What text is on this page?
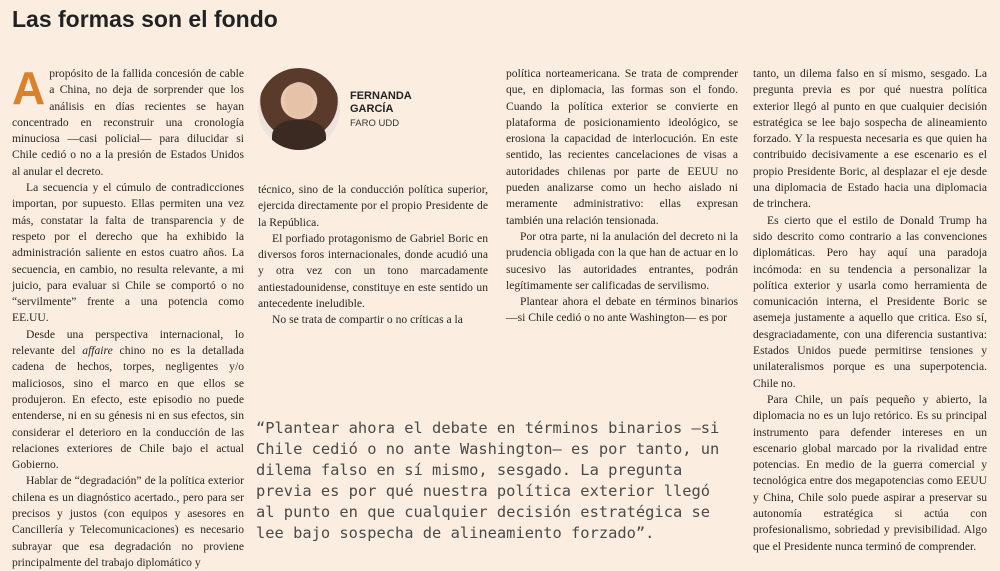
Las formas son el fondo
A propósito de la fallida concesión de cable a China, no deja de sorprender que los análisis en días recientes se hayan concentrado en reconstruir una cronología minuciosa —casi policial— para dilucidar si Chile cedió o no a la presión de Estados Unidos al anular el decreto.

La secuencia y el cúmulo de contradicciones importan, por supuesto. Ellas permiten una vez más, constatar la falta de transparencia y de respeto por el derecho que ha exhibido la administración saliente en estos cuatro años. La secuencia, en cambio, no resulta relevante, a mi juicio, para evaluar si Chile se comportó o no “servilmente” frente a una potencia como EE.UU.

Desde una perspectiva internacional, lo relevante del affaire chino no es la detallada cadena de hechos, torpes, negligentes y/o maliciosos, sino el marco en que ellos se produjeron. En efecto, este episodio no puede entenderse, ni en su génesis ni en sus efectos, sin considerar el deterioro en la conducción de las relaciones exteriores de Chile bajo el actual Gobierno.

Hablar de “degradación” de la política exterior chilena es un diagnóstico acertado., pero para ser precisos y justos (con equipos y asesores en Cancillería y Telecomunicaciones) es necesario subrayar que esa degradación no proviene principalmente del trabajo diplomático y

FERNANDA
GARCÍA
FARO UDD

técnico, sino de la conducción política superior, ejercida directamente por el propio Presidente de la República.

El porfiado protagonismo de Gabriel Boric en diversos foros internacionales, donde acudió una y otra vez con un tono marcadamente antiestadounidense, constituye en este sentido un antecedente ineludible.

No se trata de compartir o no críticas a la

política norteamericana. Se trata de comprender que, en diplomacia, las formas son el fondo. Cuando la política exterior se convierte en plataforma de posicionamiento ideológico, se erosiona la capacidad de interlocución. En este sentido, las recientes cancelaciones de visas a autoridades chilenas por parte de EEUU no pueden analizarse como un hecho aislado ni meramente administrativo: ellas expresan también una relación tensionada.

Por otra parte, ni la anulación del decreto ni la prudencia obligada con la que han de actuar en lo sucesivo las autoridades entrantes, podrán legítimamente ser calificadas de servilismo.

Plantear ahora el debate en términos binarios —si Chile cedió o no ante Washington— es por

tanto, un dilema falso en sí mismo, sesgado. La pregunta previa es por qué nuestra política exterior llegó al punto en que cualquier decisión estratégica se lee bajo sospecha de alineamiento forzado. Y la respuesta necesaria es que quien ha contribuido decisivamente a ese escenario es el propio Presidente Boric, al desplazar el eje desde una diplomacia de Estado hacia una diplomacia de trinchera.

Es cierto que el estilo de Donald Trump ha sido descrito como contrario a las convenciones diplomáticas. Pero hay aquí una paradoja incómoda: en su tendencia a personalizar la política exterior y usarla como herramienta de comunicación interna, el Presidente Boric se asemeja justamente a aquello que critica. Eso sí, desgraciadamente, con una diferencia sustantiva: Estados Unidos puede permitirse tensiones y unilateralismos porque es una superpotencia. Chile no.

Para Chile, un país pequeño y abierto, la diplomacia no es un lujo retórico. Es su principal instrumento para defender intereses en un escenario global marcado por la rivalidad entre potencias. En medio de la guerra comercial y tecnológica entre dos megapotencias como EEUU y China, Chile solo puede aspirar a preservar su autonomía estratégica si actúa con profesionalismo, sobriedad y previsibilidad. Algo que el Presidente nunca terminó de comprender.

“Plantear ahora el debate en términos binarios —si Chile cedió o no ante Washington— es por tanto, un dilema falso en sí mismo, sesgado. La pregunta previa es por qué nuestra política exterior llegó al punto en que cualquier decisión estratégica se lee bajo sospecha de alineamiento forzado”.
